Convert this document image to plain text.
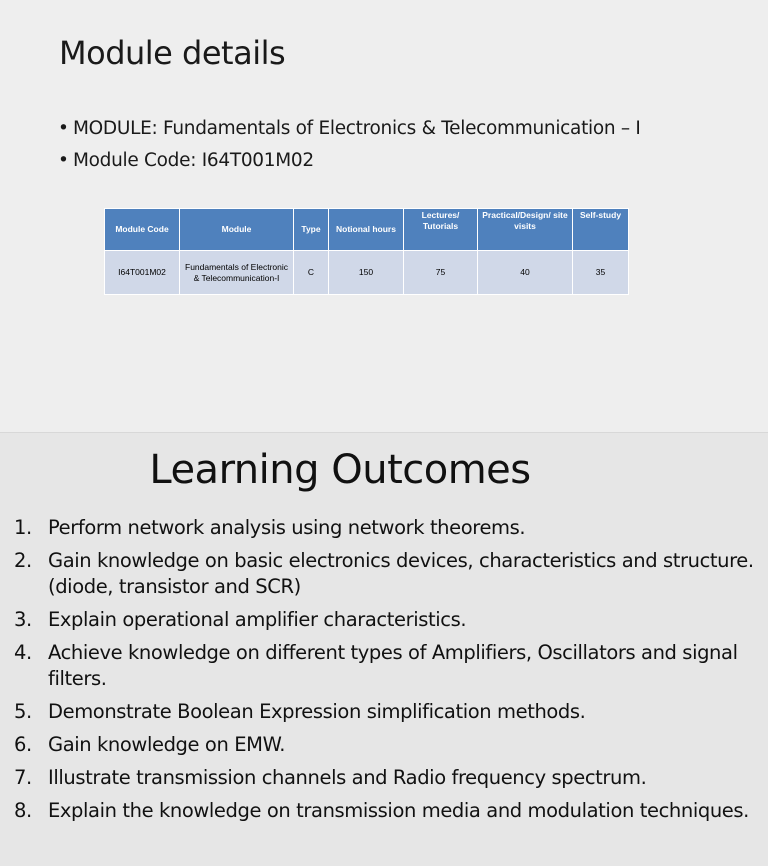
Module details
• MODULE: Fundamentals of Electronics & Telecommunication – I
• Module Code: I64T001M02
Module Code	Module	Type	Notional hours	Lectures/ Tutorials	Practical/Design/ site visits	Self-study
I64T001M02	Fundamentals of Electronic & Telecommunication-I	C	150	75	40	35
Learning Outcomes
1. Perform network analysis using network theorems.
2. Gain knowledge on basic electronics devices, characteristics and structure.(diode, transistor and SCR)
3. Explain operational amplifier characteristics.
4. Achieve knowledge on different types of Amplifiers, Oscillators and signal filters.
5. Demonstrate Boolean Expression simplification methods.
6. Gain knowledge on EMW.
7. Illustrate transmission channels and Radio frequency spectrum.
8. Explain the knowledge on transmission media and modulation techniques.
